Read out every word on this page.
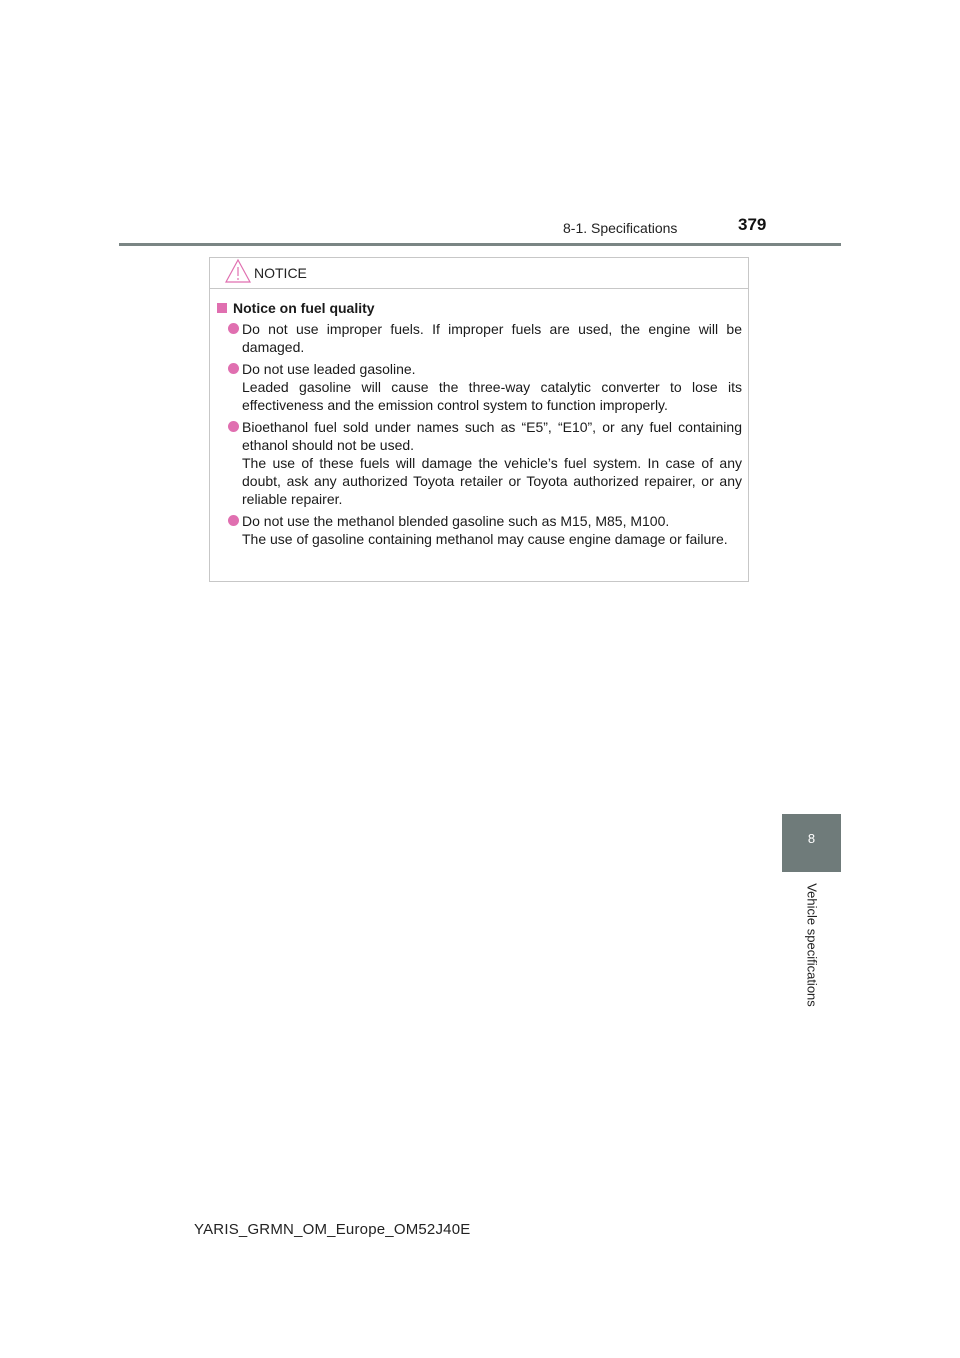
8-1. Specifications	379
8
Vehicle specifications
NOTICE
Notice on fuel quality
Do not use improper fuels. If improper fuels are used, the engine will be damaged.
Do not use leaded gasoline.
Leaded gasoline will cause the three-way catalytic converter to lose its effectiveness and the emission control system to function improperly.
Bioethanol fuel sold under names such as “E5”, “E10”, or any fuel containing ethanol should not be used.
The use of these fuels will damage the vehicle’s fuel system. In case of any doubt, ask any authorized Toyota retailer or Toyota authorized repairer, or any reliable repairer.
Do not use the methanol blended gasoline such as M15, M85, M100.
The use of gasoline containing methanol may cause engine damage or failure.
YARIS_GRMN_OM_Europe_OM52J40E
